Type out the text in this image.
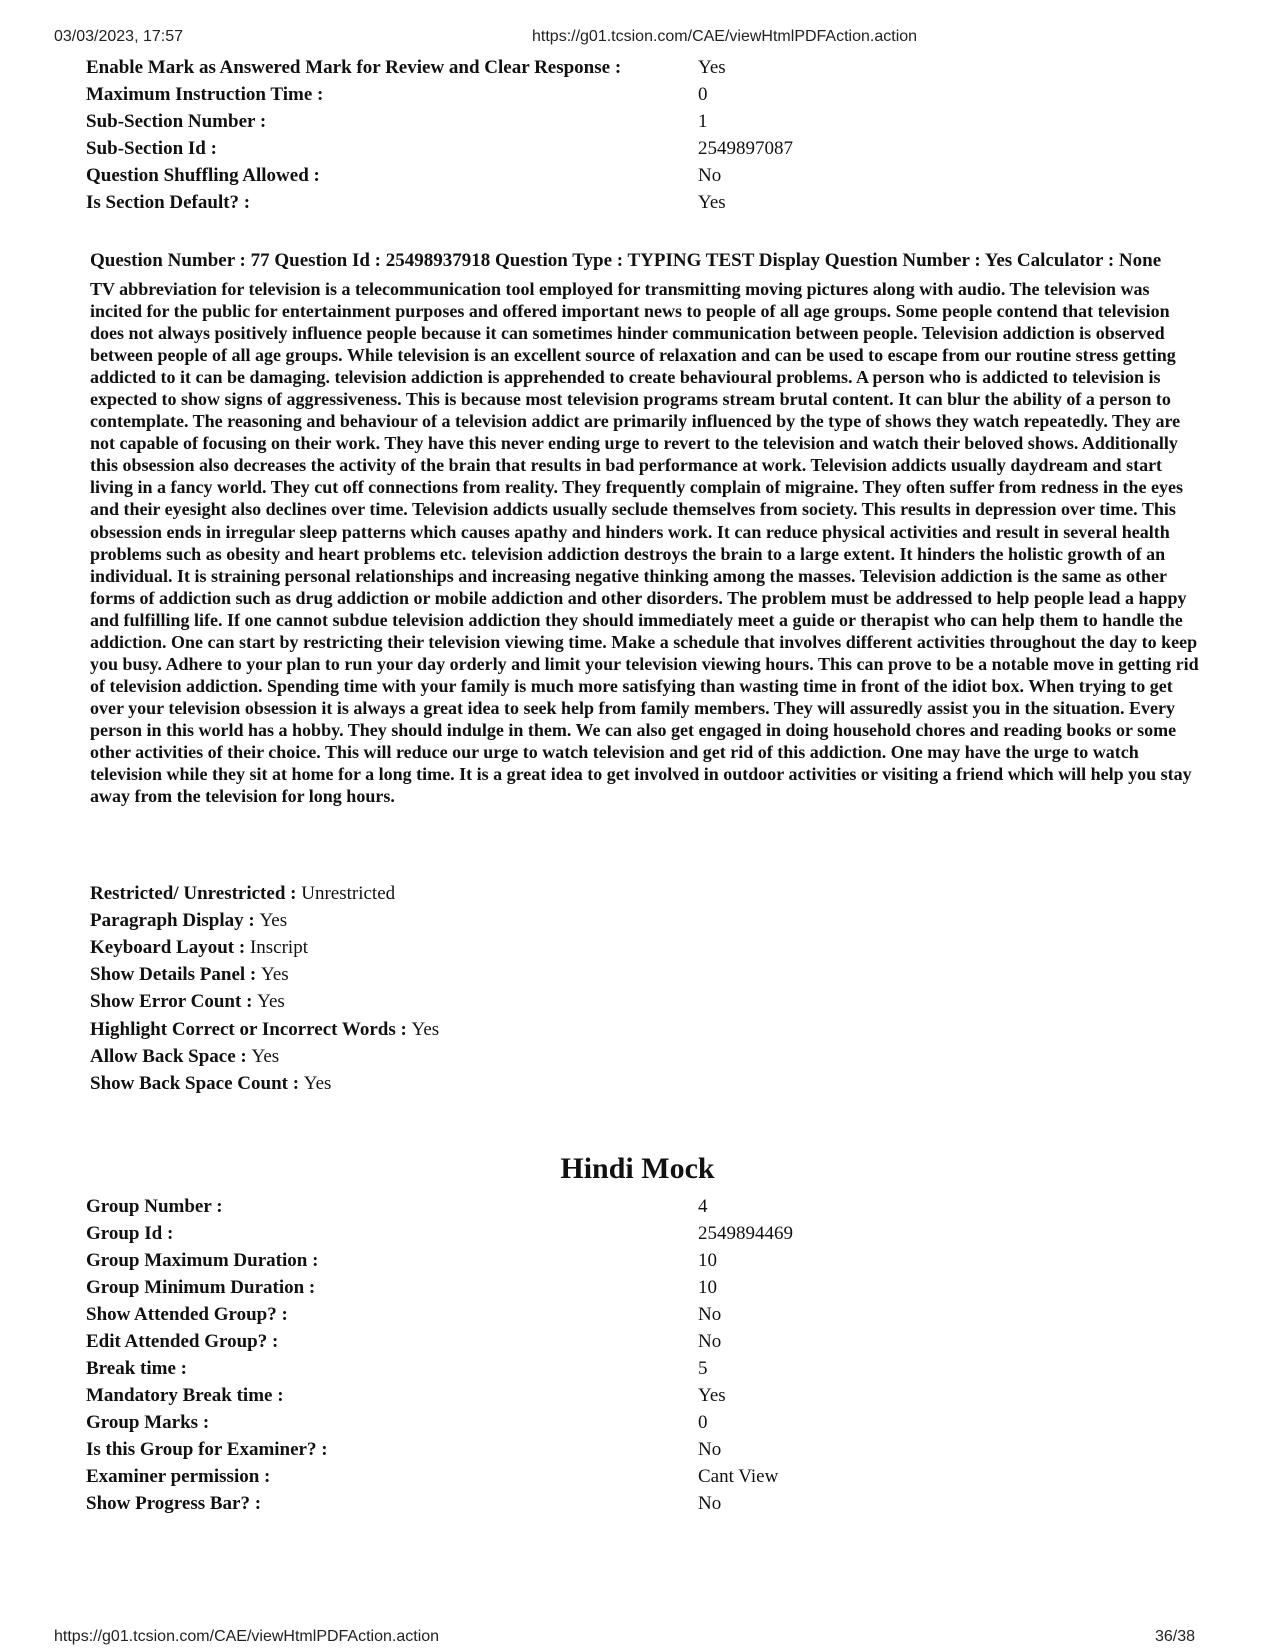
03/03/2023, 17:57	https://g01.tcsion.com/CAE/viewHtmlPDFAction.action
Enable Mark as Answered Mark for Review and Clear Response :	Yes
Maximum Instruction Time :	0
Sub-Section Number :	1
Sub-Section Id :	2549897087
Question Shuffling Allowed :	No
Is Section Default? :	Yes

Question Number : 77 Question Id : 25498937918 Question Type : TYPING TEST Display Question Number : Yes Calculator : None

TV abbreviation for television is a telecommunication tool employed for transmitting moving pictures along with audio. The television was incited for the public for entertainment purposes and offered important news to people of all age groups. Some people contend that television does not always positively influence people because it can sometimes hinder communication between people. Television addiction is observed between people of all age groups. While television is an excellent source of relaxation and can be used to escape from our routine stress getting addicted to it can be damaging. television addiction is apprehended to create behavioural problems. A person who is addicted to television is expected to show signs of aggressiveness. This is because most television programs stream brutal content. It can blur the ability of a person to contemplate. The reasoning and behaviour of a television addict are primarily influenced by the type of shows they watch repeatedly. They are not capable of focusing on their work. They have this never ending urge to revert to the television and watch their beloved shows. Additionally this obsession also decreases the activity of the brain that results in bad performance at work. Television addicts usually daydream and start living in a fancy world. They cut off connections from reality. They frequently complain of migraine. They often suffer from redness in the eyes and their eyesight also declines over time. Television addicts usually seclude themselves from society. This results in depression over time. This obsession ends in irregular sleep patterns which causes apathy and hinders work. It can reduce physical activities and result in several health problems such as obesity and heart problems etc. television addiction destroys the brain to a large extent. It hinders the holistic growth of an individual. It is straining personal relationships and increasing negative thinking among the masses. Television addiction is the same as other forms of addiction such as drug addiction or mobile addiction and other disorders. The problem must be addressed to help people lead a happy and fulfilling life. If one cannot subdue television addiction they should immediately meet a guide or therapist who can help them to handle the addiction. One can start by restricting their television viewing time. Make a schedule that involves different activities throughout the day to keep you busy. Adhere to your plan to run your day orderly and limit your television viewing hours. This can prove to be a notable move in getting rid of television addiction. Spending time with your family is much more satisfying than wasting time in front of the idiot box. When trying to get over your television obsession it is always a great idea to seek help from family members. They will assuredly assist you in the situation. Every person in this world has a hobby. They should indulge in them. We can also get engaged in doing household chores and reading books or some other activities of their choice. This will reduce our urge to watch television and get rid of this addiction. One may have the urge to watch television while they sit at home for a long time. It is a great idea to get involved in outdoor activities or visiting a friend which will help you stay away from the television for long hours.

Restricted/ Unrestricted :
Unrestricted
Paragraph Display :
Yes
Keyboard Layout :
Inscript
Show Details Panel :
Yes
Show Error Count :
Yes
Highlight Correct or Incorrect Words :
Yes
Allow Back Space :
Yes
Show Back Space Count :
Yes
Hindi Mock
Group Number :	4
Group Id :	2549894469
Group Maximum Duration :	10
Group Minimum Duration :	10
Show Attended Group? :	No
Edit Attended Group? :	No
Break time :	5
Mandatory Break time :	Yes
Group Marks :	0
Is this Group for Examiner? :	No
Examiner permission :	Cant View
Show Progress Bar? :	No
https://g01.tcsion.com/CAE/viewHtmlPDFAction.action	36/38
